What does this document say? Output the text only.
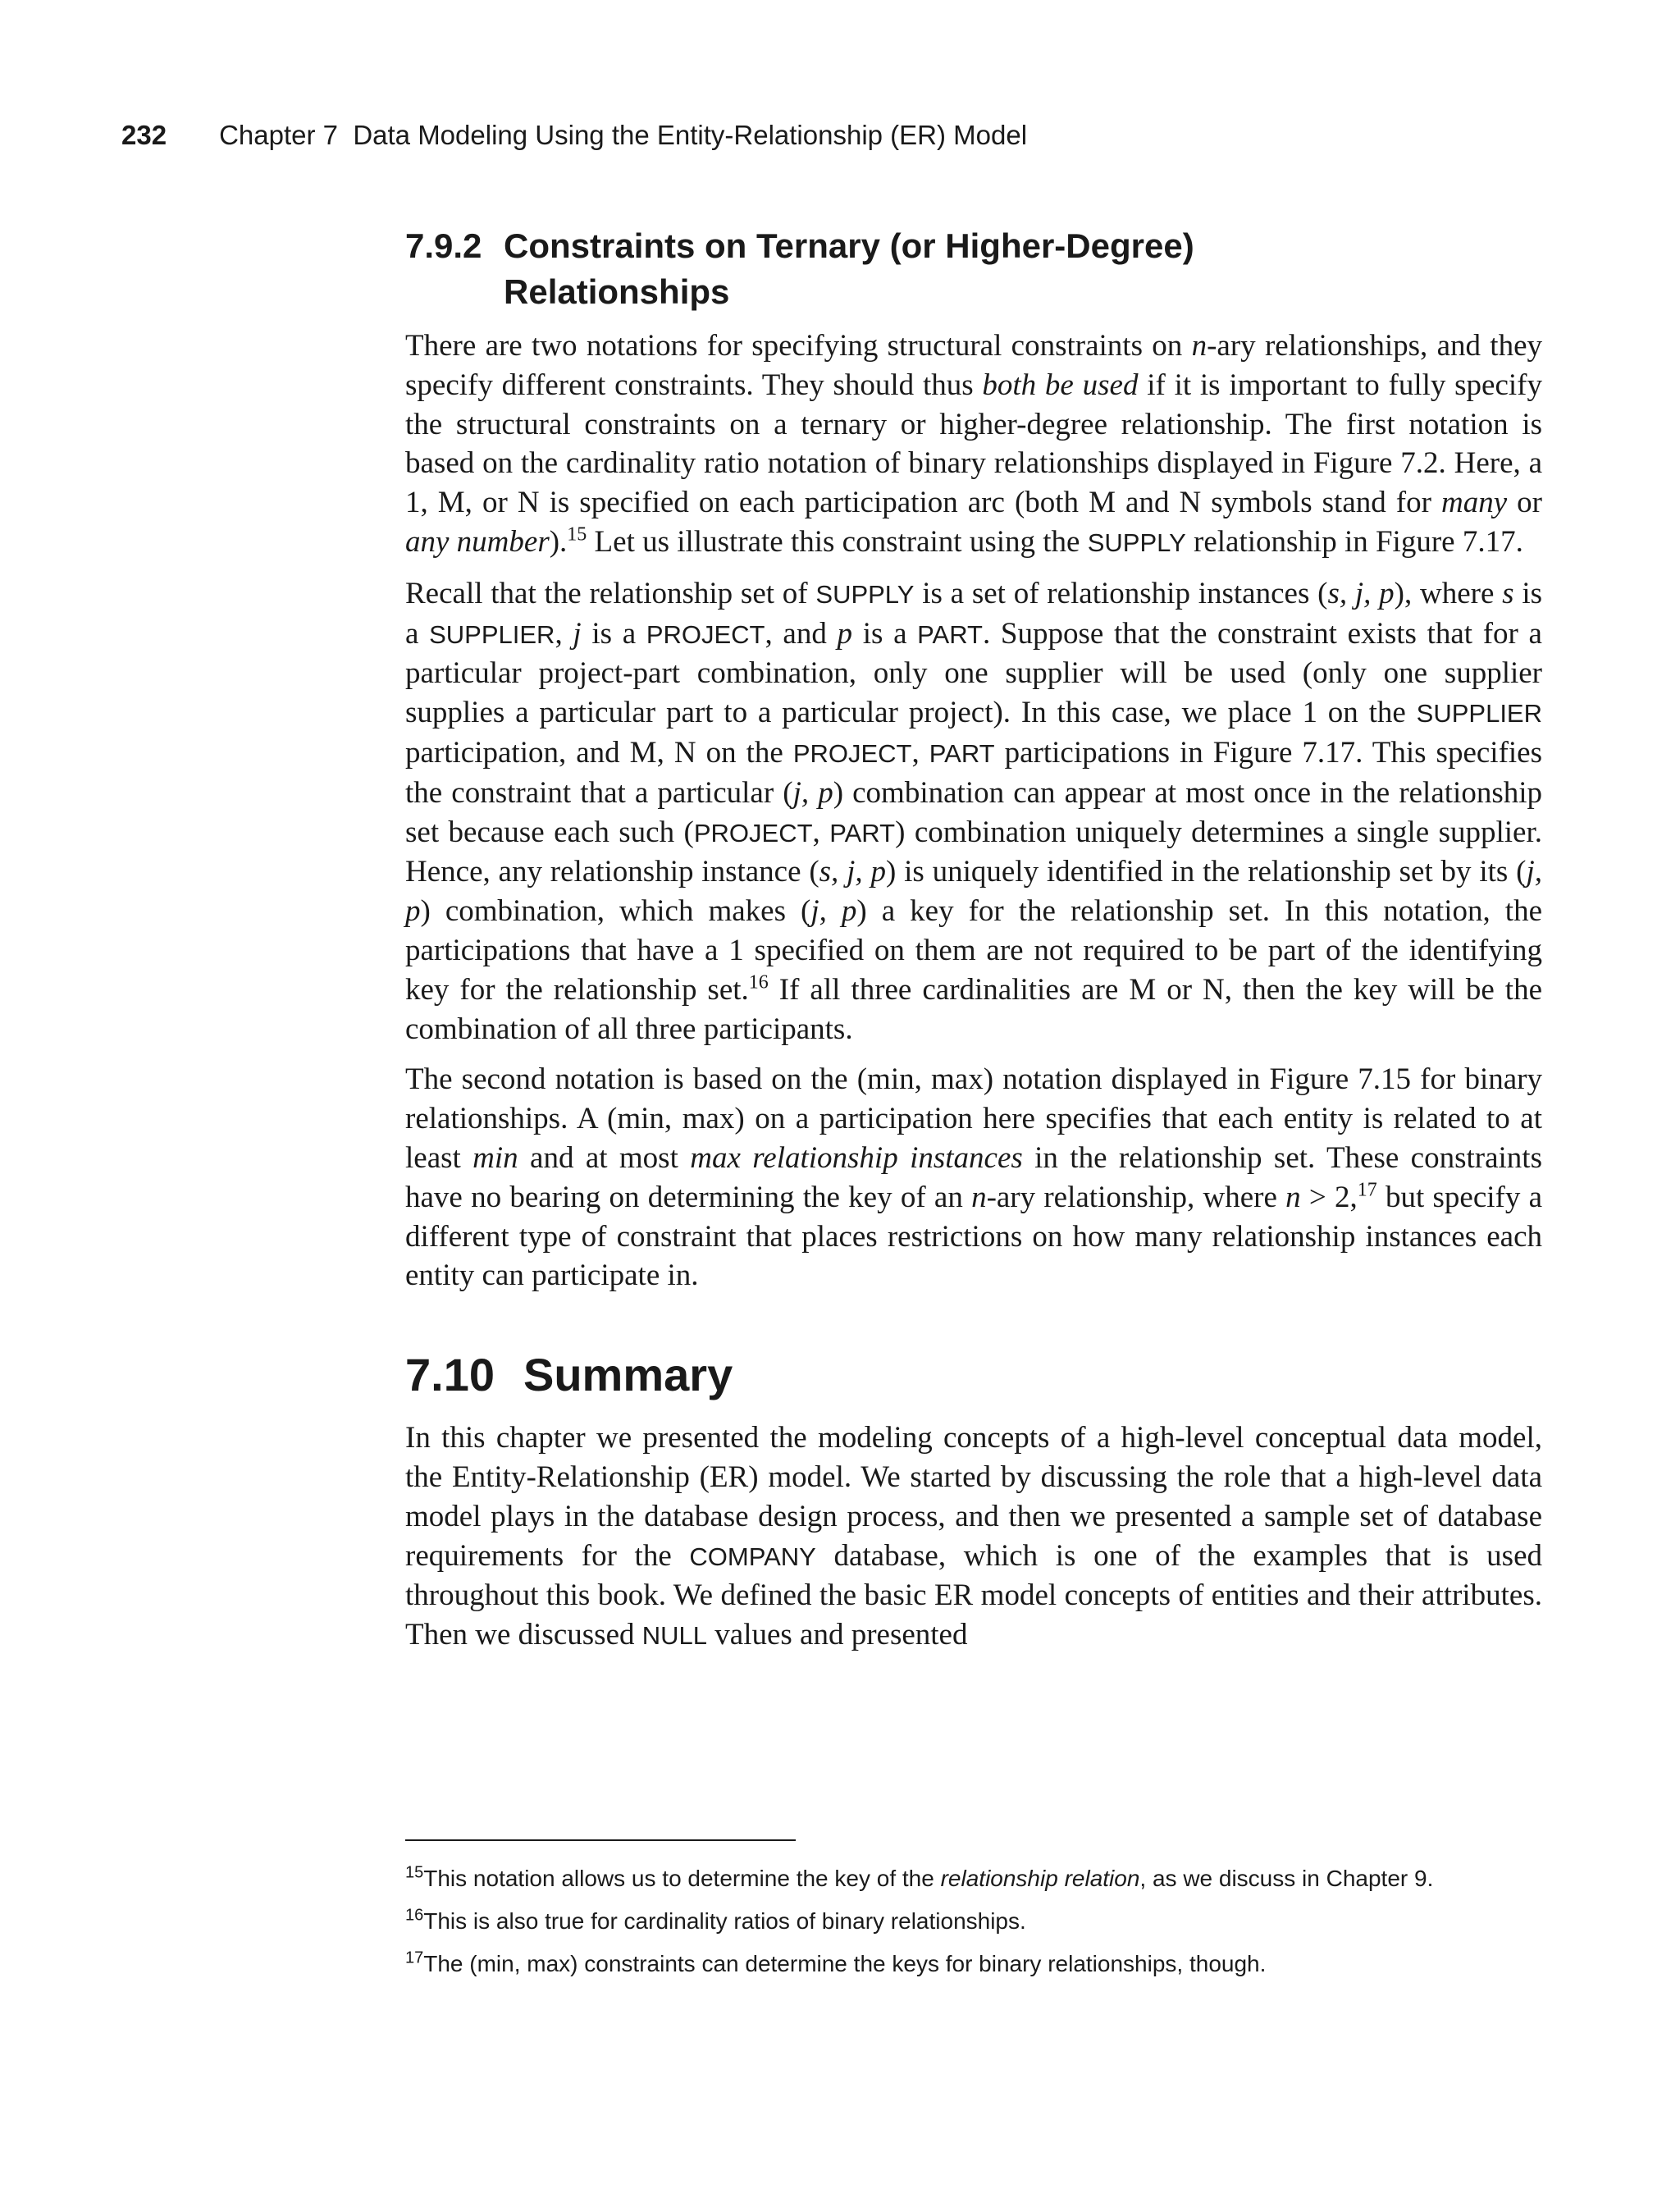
232 Chapter 7  Data Modeling Using the Entity-Relationship (ER) Model
7.9.2 Constraints on Ternary (or Higher-Degree) Relationships

There are two notations for specifying structural constraints on n-ary relationships, and they specify different constraints. They should thus both be used if it is important to fully specify the structural constraints on a ternary or higher-degree relationship. The first notation is based on the cardinality ratio notation of binary relationships displayed in Figure 7.2. Here, a 1, M, or N is specified on each participation arc (both M and N symbols stand for many or any number).$^{15}$ Let us illustrate this constraint using the SUPPLY relationship in Figure 7.17.

Recall that the relationship set of SUPPLY is a set of relationship instances (s, j, p), where s is a SUPPLIER, j is a PROJECT, and p is a PART. Suppose that the constraint exists that for a particular project-part combination, only one supplier will be used (only one supplier supplies a particular part to a particular project). In this case, we place 1 on the SUPPLIER participation, and M, N on the PROJECT, PART participations in Figure 7.17. This specifies the constraint that a particular (j, p) combination can appear at most once in the relationship set because each such (PROJECT, PART) combination uniquely determines a single supplier. Hence, any relationship instance (s, j, p) is uniquely identified in the relationship set by its (j, p) combination, which makes (j, p) a key for the relationship set. In this notation, the participations that have a 1 specified on them are not required to be part of the identifying key for the relationship set.$^{16}$ If all three cardinalities are M or N, then the key will be the combination of all three participants.

The second notation is based on the (min, max) notation displayed in Figure 7.15 for binary relationships. A (min, max) on a participation here specifies that each entity is related to at least min and at most max relationship instances in the relationship set. These constraints have no bearing on determining the key of an n-ary relationship, where n > 2,17 but specify a different type of constraint that places restrictions on how many relationship instances each entity can participate in.

7.10 Summary

In this chapter we presented the modeling concepts of a high-level conceptual data model, the Entity-Relationship (ER) model. We started by discussing the role that a high-level data model plays in the database design process, and then we presented a sample set of database requirements for the COMPANY database, which is one of the examples that is used throughout this book. We defined the basic ER model concepts of entities and their attributes. Then we discussed NULL values and presented

$^{15}$This notation allows us to determine the key of the relationship relation, as we discuss in Chapter 9.
$^{16}$This is also true for cardinality ratios of binary relationships.
$^{17}$The (min, max) constraints can determine the keys for binary relationships, though.
